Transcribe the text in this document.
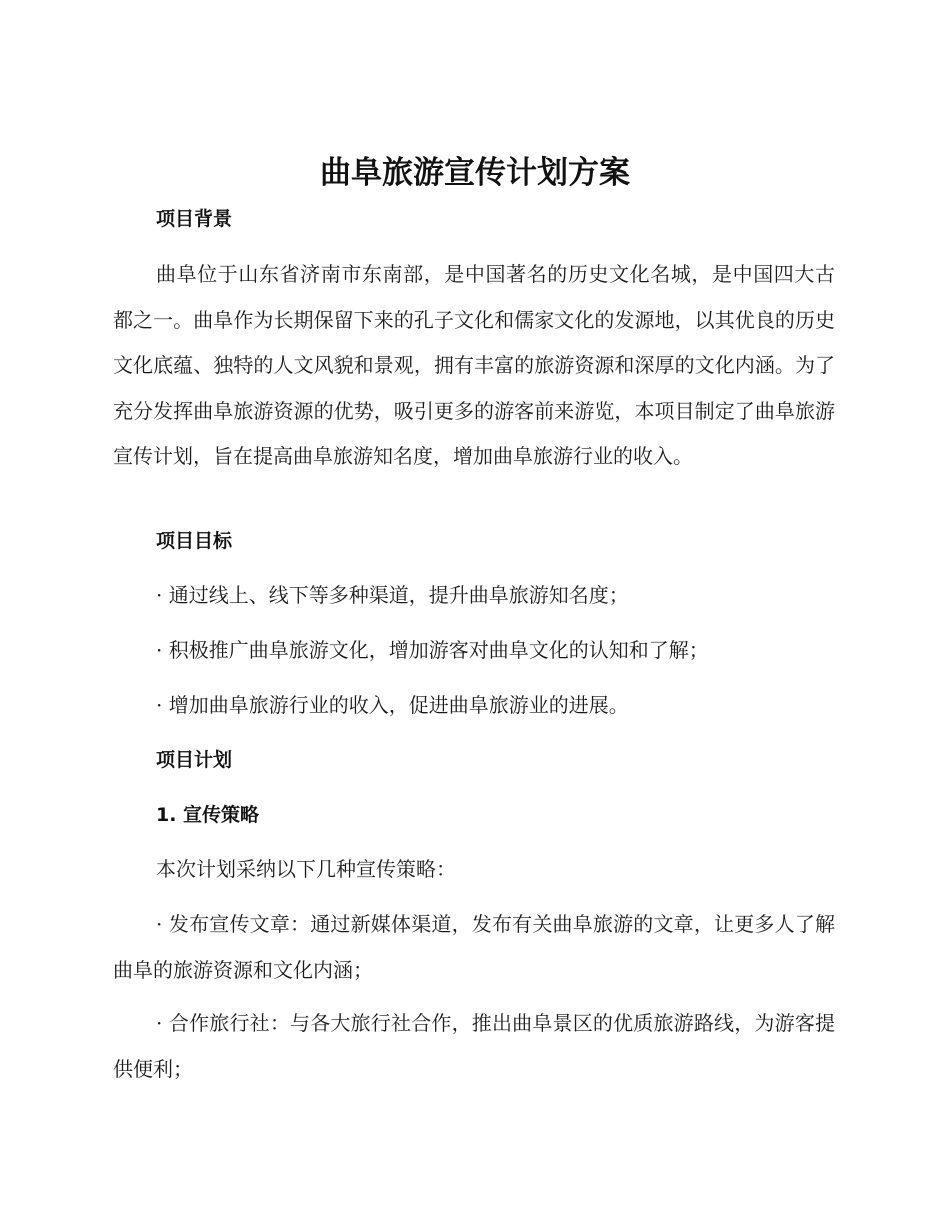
曲阜旅游宣传计划方案
项目背景

曲阜位于山东省济南市东南部，是中国著名的历史文化名城，是中国四大古都之一。曲阜作为长期保留下来的孔子文化和儒家文化的发源地，以其优良的历史文化底蕴、独特的人文风貌和景观，拥有丰富的旅游资源和深厚的文化内涵。为了充分发挥曲阜旅游资源的优势，吸引更多的游客前来游览，本项目制定了曲阜旅游宣传计划，旨在提高曲阜旅游知名度，增加曲阜旅游行业的收入。

项目目标

· 通过线上、线下等多种渠道，提升曲阜旅游知名度；

· 积极推广曲阜旅游文化，增加游客对曲阜文化的认知和了解；

· 增加曲阜旅游行业的收入，促进曲阜旅游业的进展。

项目计划
1. 宣传策略

本次计划采纳以下几种宣传策略：

· 发布宣传文章：通过新媒体渠道，发布有关曲阜旅游的文章，让更多人了解曲阜的旅游资源和文化内涵；

· 合作旅行社：与各大旅行社合作，推出曲阜景区的优质旅游路线，为游客提供便利；
